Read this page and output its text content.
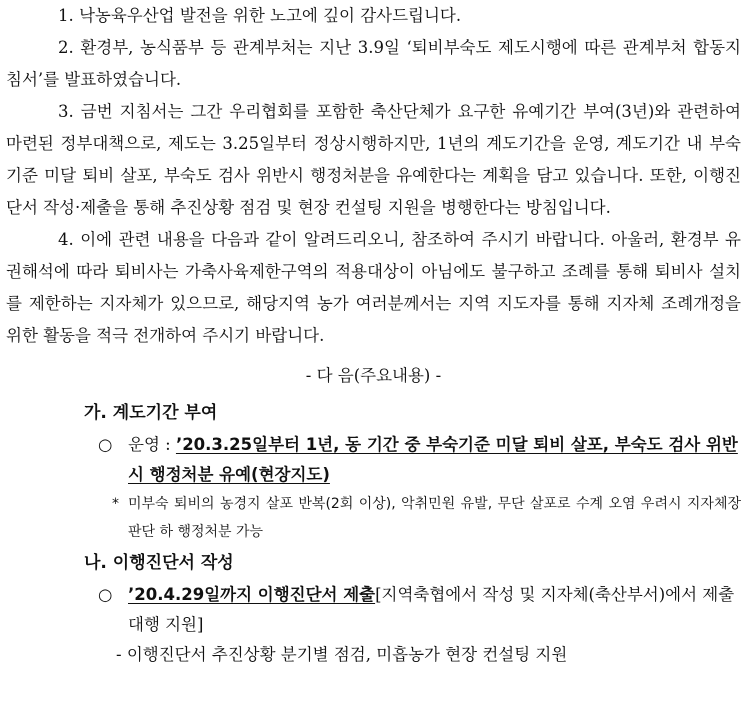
1. 낙농육우산업 발전을 위한 노고에 깊이 감사드립니다.

2. 환경부, 농식품부 등 관계부처는 지난 3.9일 ‘퇴비부숙도 제도시행에 따른 관계부처 합동지침서’를 발표하였습니다.

3. 금번 지침서는 그간 우리협회를 포함한 축산단체가 요구한 유예기간 부여(3년)와 관련하여 마련된 정부대책으로, 제도는 3.25일부터 정상시행하지만, 1년의 계도기간을 운영, 계도기간 내 부숙기준 미달 퇴비 살포, 부숙도 검사 위반시 행정처분을 유예한다는 계획을 담고 있습니다. 또한, 이행진단서 작성·제출을 통해 추진상황 점검 및 현장 컨설팅 지원을 병행한다는 방침입니다.

4. 이에 관련 내용을 다음과 같이 알려드리오니, 참조하여 주시기 바랍니다. 아울러, 환경부 유권해석에 따라 퇴비사는 가축사육제한구역의 적용대상이 아님에도 불구하고 조례를 통해 퇴비사 설치를 제한하는 지자체가 있으므로, 해당지역 농가 여러분께서는 지역 지도자를 통해 지자체 조례개정을 위한 활동을 적극 전개하여 주시기 바랍니다.

- 다 음(주요내용) -
가. 계도기간 부여
○ 운영 : ’20.3.25일부터 1년, 동 기간 중 부숙기준 미달 퇴비 살포, 부숙도 검사 위반시 행정처분 유예(현장지도)
* 미부숙 퇴비의 농경지 살포 반복(2회 이상), 악취민원 유발, 무단 살포로 수계 오염 우려시 지자체장 판단 하 행정처분 가능
나. 이행진단서 작성
○ ’20.4.29일까지 이행진단서 제출[지역축협에서 작성 및 지자체(축산부서)에서 제출대행 지원]
- 이행진단서 추진상황 분기별 점검, 미흡농가 현장 컨설팅 지원
